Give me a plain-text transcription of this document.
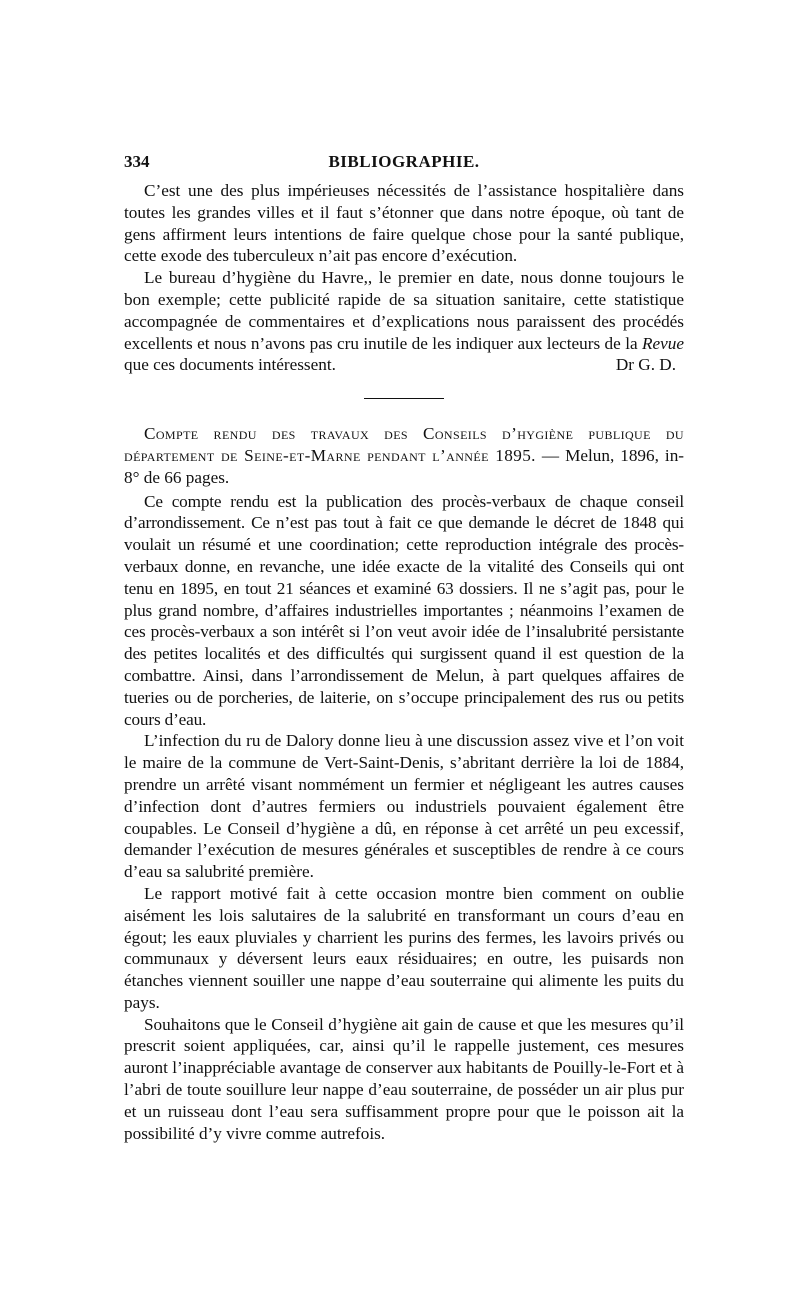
334	BIBLIOGRAPHIE.

C’est une des plus impérieuses nécessités de l’assistance hospitalière dans toutes les grandes villes et il faut s’étonner que dans notre époque, où tant de gens affirment leurs intentions de faire quelque chose pour la santé publique, cette exode des tuberculeux n’ait pas encore d’exécution.

Le bureau d’hygiène du Havre,, le premier en date, nous donne toujours le bon exemple; cette publicité rapide de sa situation sanitaire, cette statistique accompagnée de commentaires et d’explications nous paraissent des procédés excellents et nous n’avons pas cru inutile de les indiquer aux lecteurs de la Revue que ces documents intéressent.	Dr G. D.

Compte rendu des travaux des Conseils d’hygiène publique du département de Seine-et-Marne pendant l’année 1895. — Melun, 1896, in-8° de 66 pages.

Ce compte rendu est la publication des procès-verbaux de chaque conseil d’arrondissement. Ce n’est pas tout à fait ce que demande le décret de 1848 qui voulait un résumé et une coordination; cette reproduction intégrale des procès-verbaux donne, en revanche, une idée exacte de la vitalité des Conseils qui ont tenu en 1895, en tout 21 séances et examiné 63 dossiers. Il ne s’agit pas, pour le plus grand nombre, d’affaires industrielles importantes ; néanmoins l’examen de ces procès-verbaux a son intérêt si l’on veut avoir idée de l’insalubrité persistante des petites localités et des difficultés qui surgissent quand il est question de la combattre. Ainsi, dans l’arrondissement de Melun, à part quelques affaires de tueries ou de porcheries, de laiterie, on s’occupe principalement des rus ou petits cours d’eau.

L’infection du ru de Dalory donne lieu à une discussion assez vive et l’on voit le maire de la commune de Vert-Saint-Denis, s’abritant derrière la loi de 1884, prendre un arrêté visant nommément un fermier et négligeant les autres causes d’infection dont d’autres fermiers ou industriels pouvaient également être coupables. Le Conseil d’hygiène a dû, en réponse à cet arrêté un peu excessif, demander l’exécution de mesures générales et susceptibles de rendre à ce cours d’eau sa salubrité première.

Le rapport motivé fait à cette occasion montre bien comment on oublie aisément les lois salutaires de la salubrité en transformant un cours d’eau en égout; les eaux pluviales y charrient les purins des fermes, les lavoirs privés ou communaux y déversent leurs eaux résiduaires; en outre, les puisards non étanches viennent souiller une nappe d’eau souterraine qui alimente les puits du pays.

Souhaitons que le Conseil d’hygiène ait gain de cause et que les mesures qu’il prescrit soient appliquées, car, ainsi qu’il le rappelle justement, ces mesures auront l’inappréciable avantage de conserver aux habitants de Pouilly-le-Fort et à l’abri de toute souillure leur nappe d’eau souterraine, de posséder un air plus pur et un ruisseau dont l’eau sera suffisamment propre pour que le poisson ait la possibilité d’y vivre comme autrefois.
